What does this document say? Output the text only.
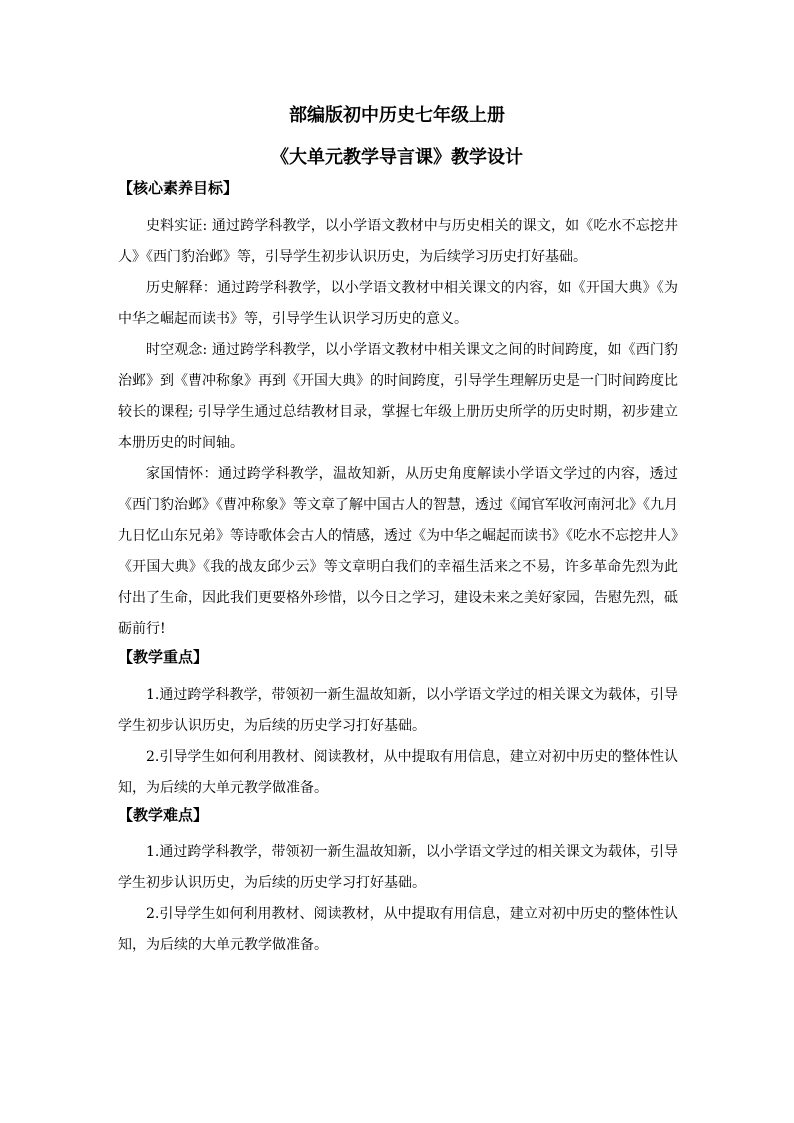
部编版初中历史七年级上册
《大单元教学导言课》教学设计
【核心素养目标】

史料实证: 通过跨学科教学，以小学语文教材中与历史相关的课文，如《吃水不忘挖井人》《西门豹治邺》等，引导学生初步认识历史，为后续学习历史打好基础。

历史解释：通过跨学科教学，以小学语文教材中相关课文的内容，如《开国大典》《为中华之崛起而读书》等，引导学生认识学习历史的意义。

时空观念: 通过跨学科教学，以小学语文教材中相关课文之间的时间跨度，如《西门豹治邺》到《曹冲称象》再到《开国大典》的时间跨度，引导学生理解历史是一门时间跨度比较长的课程; 引导学生通过总结教材目录，掌握七年级上册历史所学的历史时期，初步建立本册历史的时间轴。

家国情怀：通过跨学科教学，温故知新，从历史角度解读小学语文学过的内容，透过《西门豹治邺》《曹冲称象》等文章了解中国古人的智慧，透过《闻官军收河南河北》《九月九日忆山东兄弟》等诗歌体会古人的情感，透过《为中华之崛起而读书》《吃水不忘挖井人》《开国大典》《我的战友邱少云》等文章明白我们的幸福生活来之不易，许多革命先烈为此付出了生命，因此我们更要格外珍惜，以今日之学习，建设未来之美好家园，告慰先烈，砥砺前行!

【教学重点】

1.通过跨学科教学，带领初一新生温故知新，以小学语文学过的相关课文为载体，引导学生初步认识历史，为后续的历史学习打好基础。

2.引导学生如何利用教材、阅读教材，从中提取有用信息，建立对初中历史的整体性认知，为后续的大单元教学做准备。

【教学难点】

1.通过跨学科教学，带领初一新生温故知新，以小学语文学过的相关课文为载体，引导学生初步认识历史，为后续的历史学习打好基础。

2.引导学生如何利用教材、阅读教材，从中提取有用信息，建立对初中历史的整体性认知，为后续的大单元教学做准备。
